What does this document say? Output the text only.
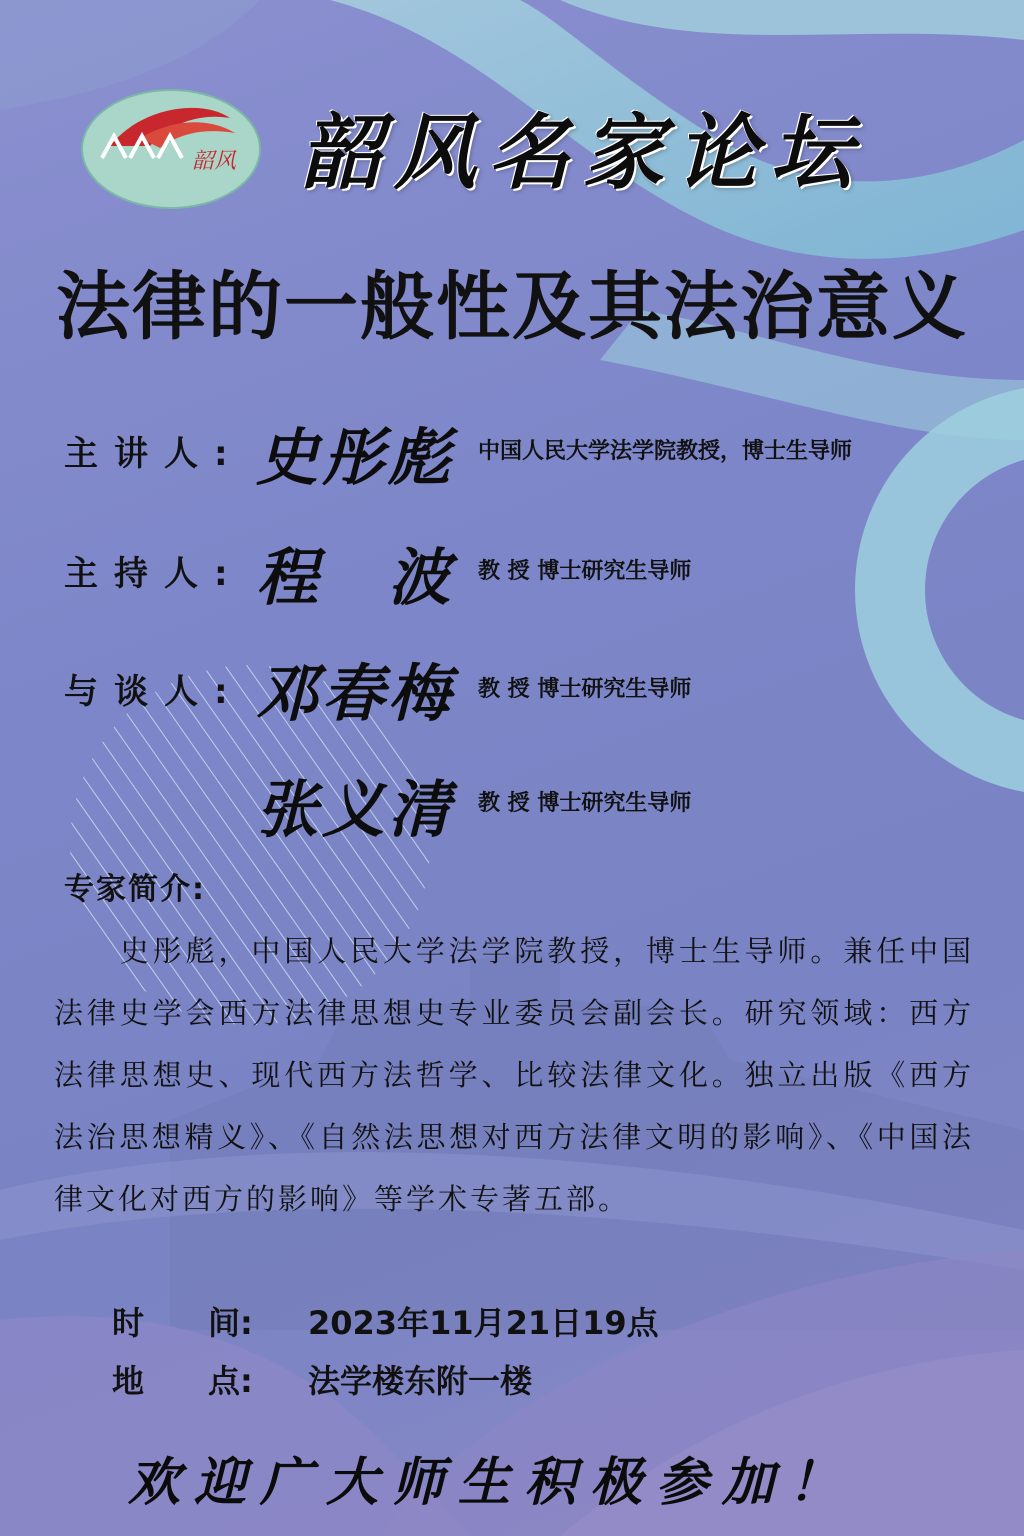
韶风 韶风名家论坛
法律的一般性及其法治意义
主讲人: 史彤彪 中国人民大学法学院教授，博士生导师
主持人: 程　波 教 授 博士研究生导师
与谈人: 邓春梅 教 授 博士研究生导师
张义清 教 授 博士研究生导师
专家简介:
　　史彤彪，中国人民大学法学院教授，博士生导师。兼任中国法律史学会西方法律思想史专业委员会副会长。研究领域：西方法律思想史、现代西方法哲学、比较法律文化。独立出版《西方法治思想精义》、《自然法思想对西方法律文明的影响》、《中国法律文化对西方的影响》等学术专著五部。
时　　间: 2023年11月21日19点
地　　点: 法学楼东附一楼
欢迎广大师生积极参加！
